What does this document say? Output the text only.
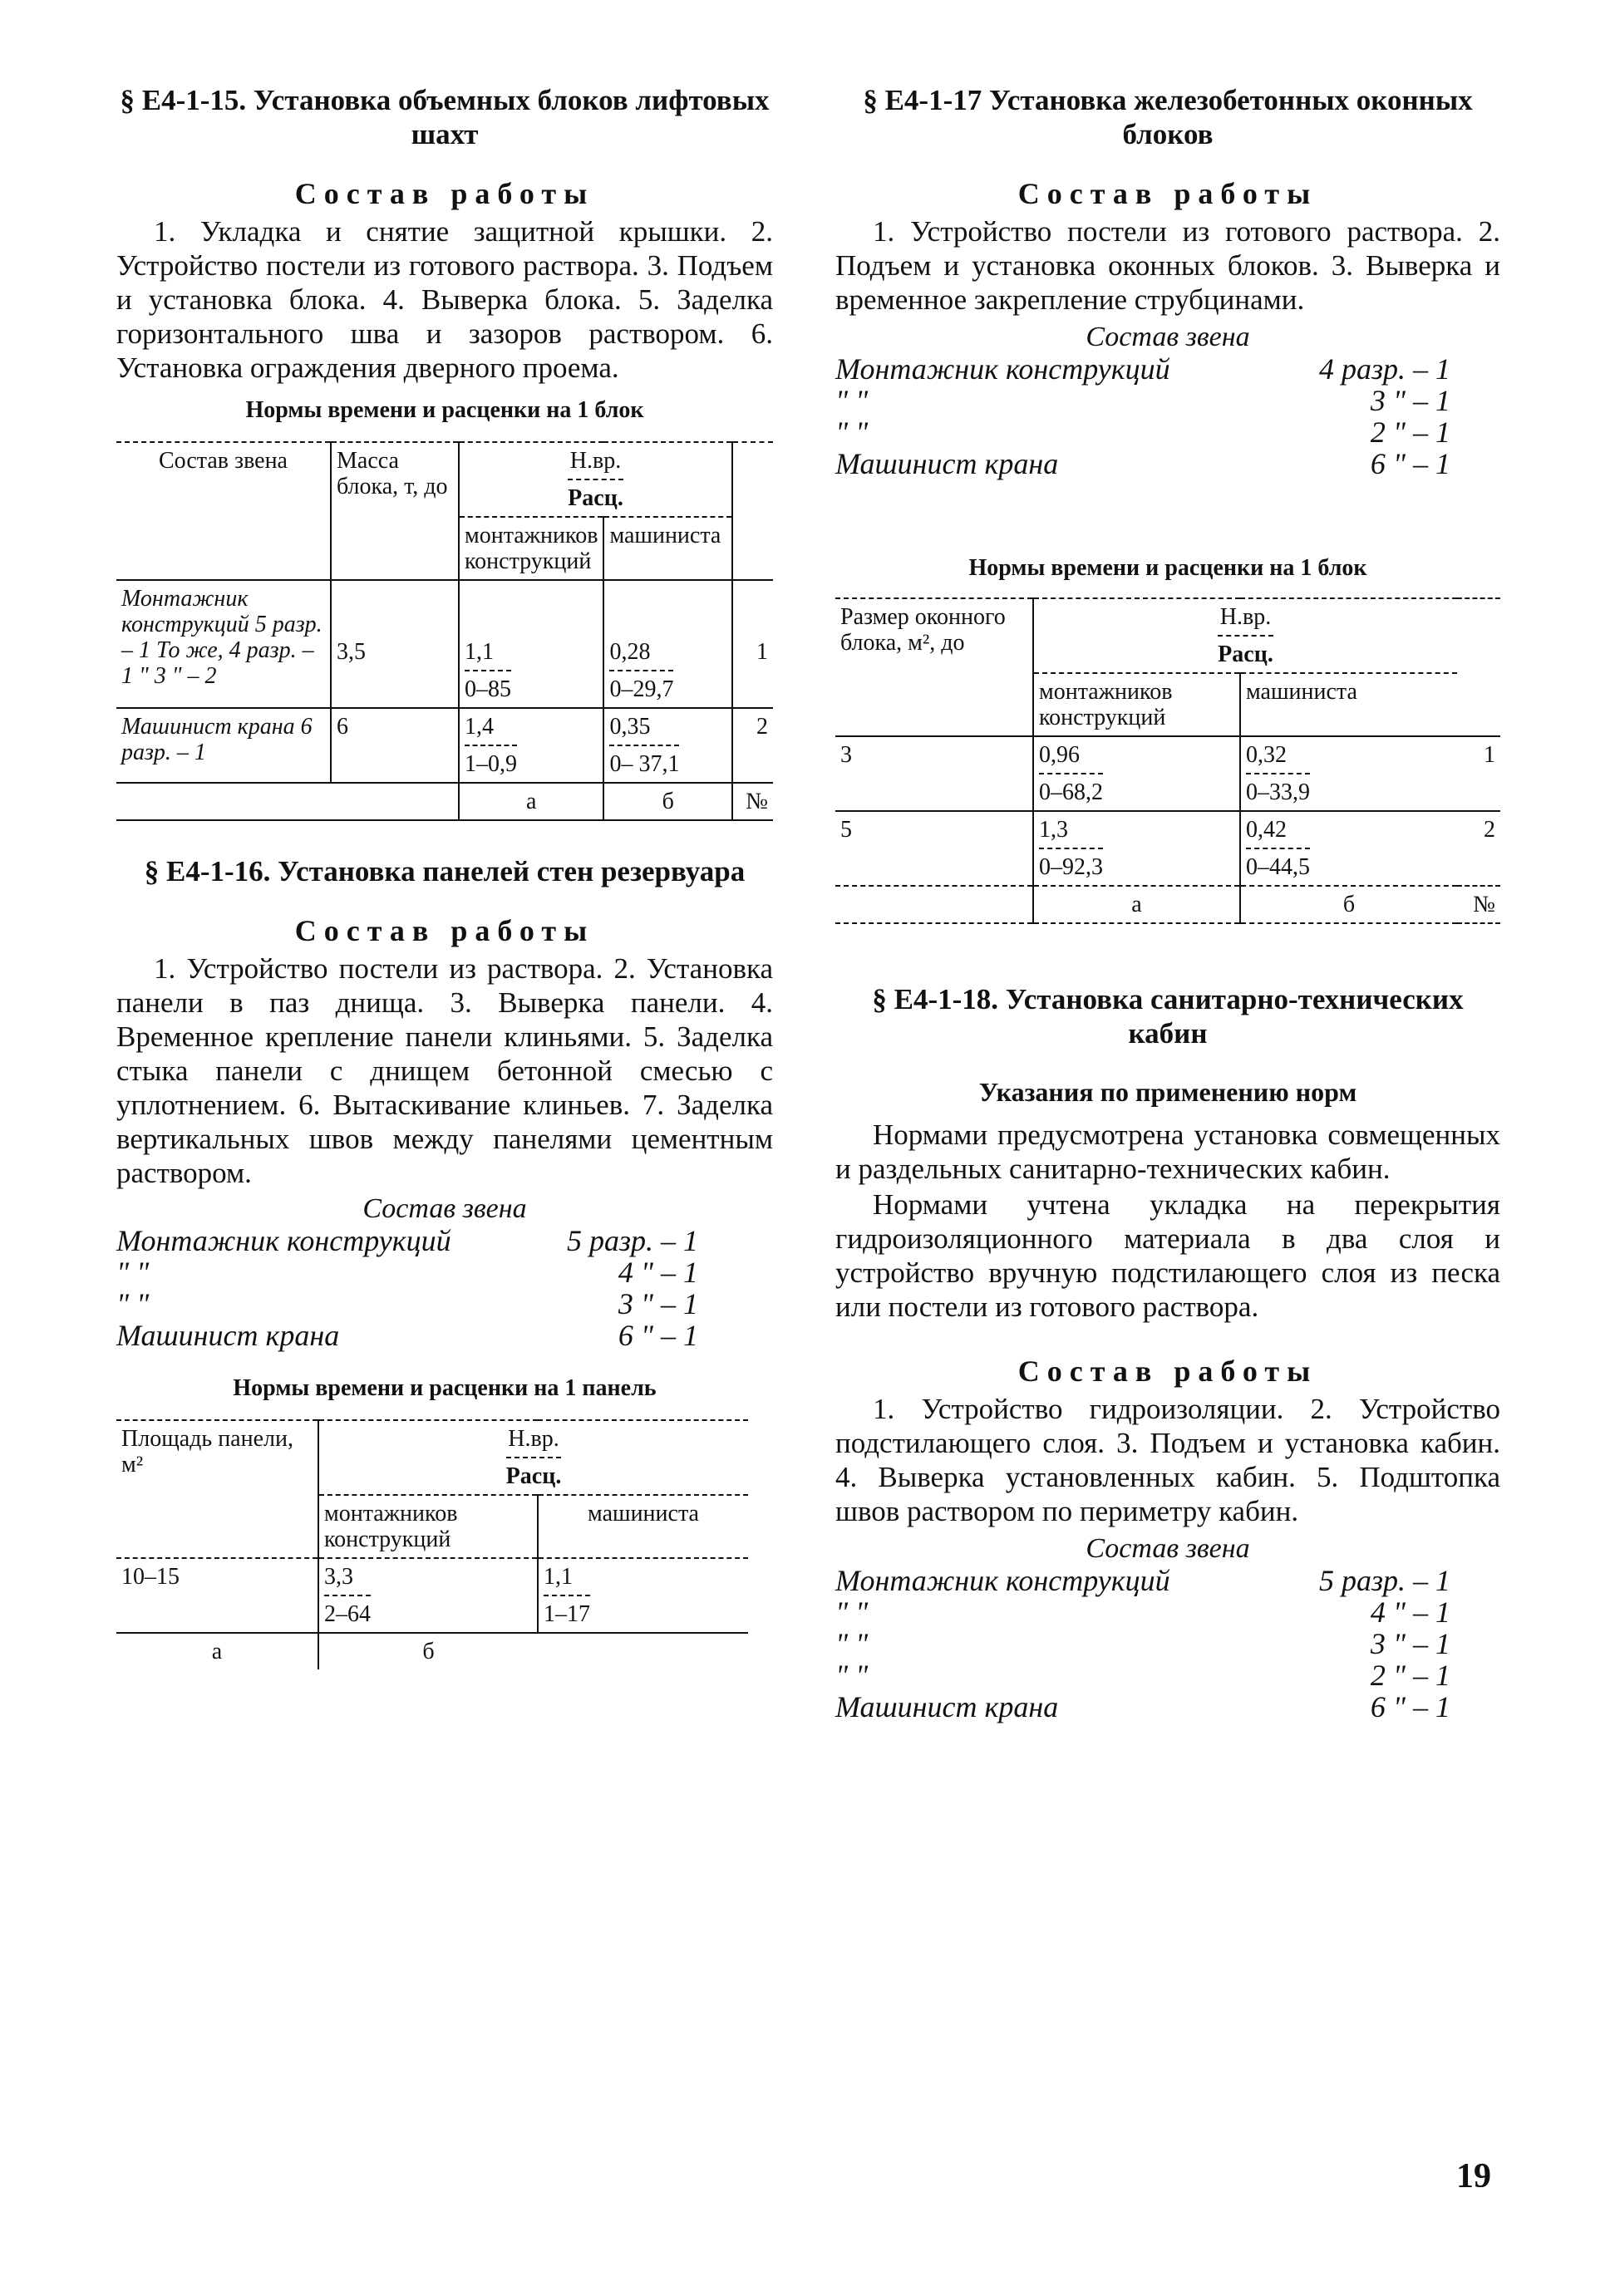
§ Е4-1-15. Установка объемных блоков лифтовых шахт

Состав работы

1. Укладка и снятие защитной крышки. 2. Устройство постели из готового раствора. 3. Подъем и установка блока. 4. Выверка блока. 5. Заделка горизонтального шва и зазоров раствором. 6. Установка ограждения дверного проема.

Нормы времени и расценки на 1 блок

Состав звена	Масса блока, т, до	Н.вр.
Расц.		

		монтажников конструкций	машиниста	
Монтажник конструкций 5 разр. – 1 То же, 4 разр. – 1 " 3 " – 2	3,5	$\frac{1,1}{0-85}$	$\frac{0,28}{0-29,7}$	1
Машинист крана 6 разр. – 1	6	$\frac{1,4}{1-0,9}$	$\frac{0,35}{0- 37,1}$	2
		а	б	№

§ Е4-1-16. Установка панелей стен резервуара

Состав работы

1. Устройство постели из раствора. 2. Установка панели в паз днища. 3. Выверка панели. 4. Временное крепление панели клиньями. 5. Заделка стыка панели с днищем бетонной смесью с уплотнением. 6. Вытаскивание клиньев. 7. Заделка вертикальных швов между панелями цементным раствором.

Состав звена

Монтажник конструкций	5 разр. – 1
" "	4 " – 1
" "	3 " – 1
Машинист крана	6 " – 1

Нормы времени и расценки на 1 панель

Площадь панели, м²	Н.вр.
Расц.	

	монтажников конструкций	машиниста
10–15	$\frac{3,3}{2-64}$	$\frac{1,1}{1-17}$

а	б	

§ Е4-1-17 Установка железобетонных оконных блоков

Состав работы

1. Устройство постели из готового раствора. 2. Подъем и установка оконных блоков. 3. Выверка и временное закрепление струбцинами.

Состав звена

Монтажник конструкций	4 разр. – 1
" "	3 " – 1
" "	2 " – 1
Машинист крана	6 " – 1

Нормы времени и расценки на 1 блок

Размер оконного блока, м², до	Н.вр.
Расц.		

	монтажников конструкций	машиниста	
3	$\frac{0,96}{0-68,2}$	$\frac{0,32}{0-33,9}$	1
5	$\frac{1,3}{0-92,3}$	$\frac{0,42}{0-44,5}$	2
	а	б	№

§ Е4-1-18. Установка санитарно-технических кабин

Указания по применению норм

Нормами предусмотрена установка совмещенных и раздельных санитарно-технических кабин.

Нормами учтена укладка на перекрытия гидроизоляционного материала в два слоя и устройство вручную подстилающего слоя из песка или постели из готового раствора.

Состав работы

1. Устройство гидроизоляции. 2. Устройство подстилающего слоя. 3. Подъем и установка кабин. 4. Выверка установленных кабин. 5. Подштопка швов раствором по периметру кабин.

Состав звена

Монтажник конструкций	5 разр. – 1
" "	4 " – 1
" "	3 " – 1
" "	2 " – 1
Машинист крана	6 " – 1
19
